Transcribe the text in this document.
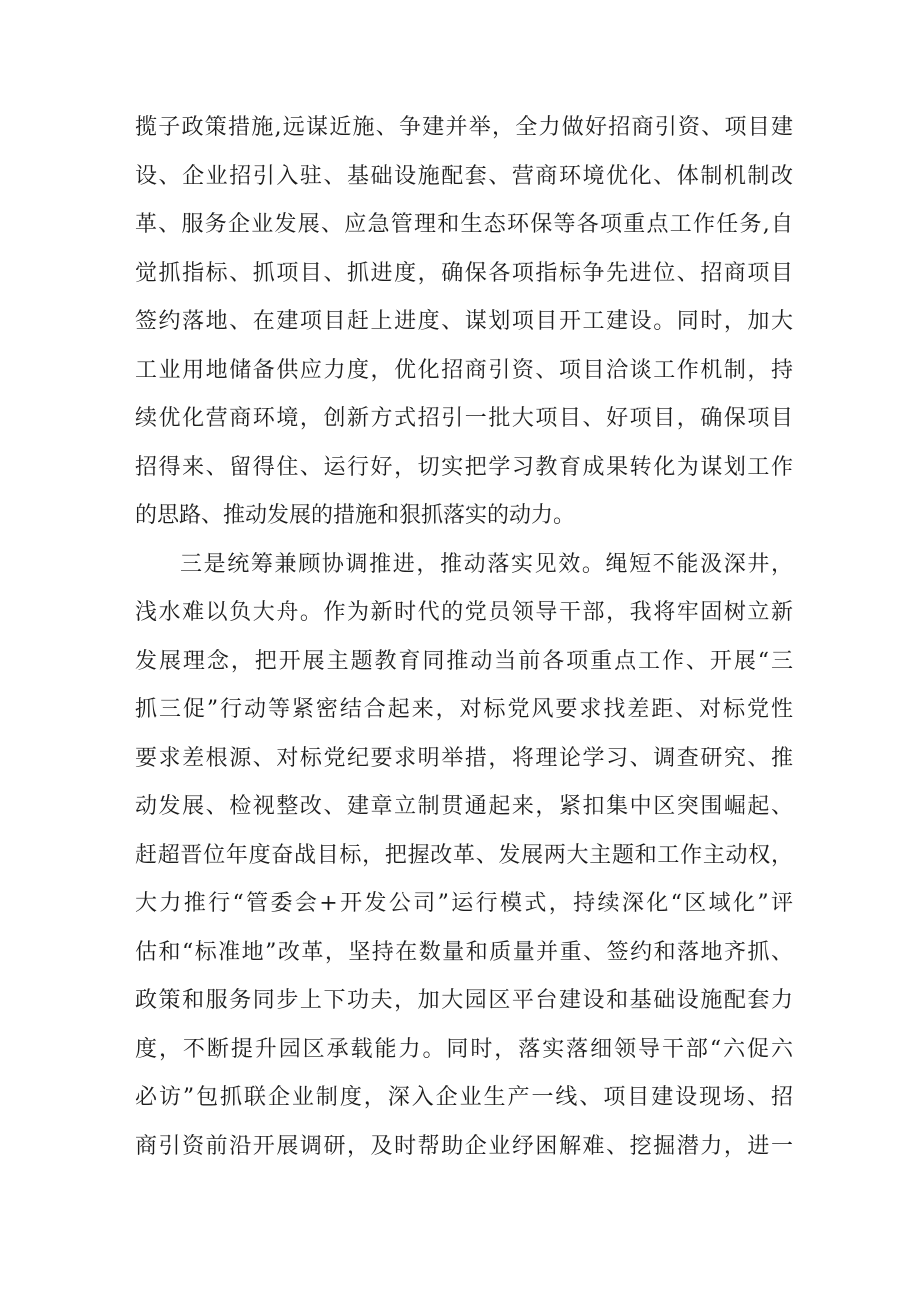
揽子政策措施,远谋近施、争建并举，全力做好招商引资、项目建
设、企业招引入驻、基础设施配套、营商环境优化、体制机制改
革、服务企业发展、应急管理和生态环保等各项重点工作任务,自
觉抓指标、抓项目、抓进度，确保各项指标争先进位、招商项目
签约落地、在建项目赶上进度、谋划项目开工建设。同时，加大
工业用地储备供应力度，优化招商引资、项目洽谈工作机制，持
续优化营商环境，创新方式招引一批大项目、好项目，确保项目
招得来、留得住、运行好，切实把学习教育成果转化为谋划工作
的思路、推动发展的措施和狠抓落实的动力。
三是统筹兼顾协调推进，推动落实见效。绳短不能汲深井，
浅水难以负大舟。作为新时代的党员领导干部，我将牢固树立新
发展理念，把开展主题教育同推动当前各项重点工作、开展“三
抓三促”行动等紧密结合起来，对标党风要求找差距、对标党性
要求差根源、对标党纪要求明举措，将理论学习、调查研究、推
动发展、检视整改、建章立制贯通起来，紧扣集中区突围崛起、
赶超晋位年度奋战目标，把握改革、发展两大主题和工作主动权，
大力推行“管委会+开发公司”运行模式，持续深化“区域化”评
估和“标准地”改革，坚持在数量和质量并重、签约和落地齐抓、
政策和服务同步上下功夫，加大园区平台建设和基础设施配套力
度，不断提升园区承载能力。同时，落实落细领导干部“六促六
必访”包抓联企业制度，深入企业生产一线、项目建设现场、招
商引资前沿开展调研，及时帮助企业纾困解难、挖掘潜力，进一
